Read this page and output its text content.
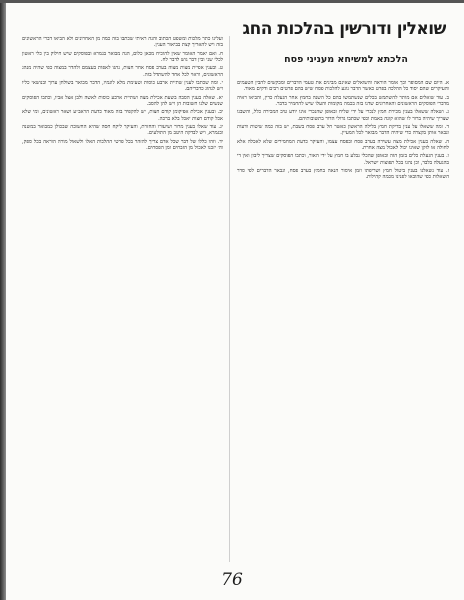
שואלין ודורשין בהלכות החג
הלכתא למשיחא מעניני פסח

א. היום שם המסופר וכך אומר הוראה והשואלים שאינם מבינים את טעמי הדברים ומבקשים להבין הטעמים והעיקרים שהם יסוד כל ההלכה בפרט כאשר הדבר נוגע להלכות פסח שיש בהם פרטים רבים ודקים מאוד.

ב. עוד שואלים אם מותר להשתמש בכלים שנשתמשו בהם כל השנה בחמץ אחר הגעלה כדין, והביאו ראיה מדברי הפוסקים הראשונים והאחרונים שדנו בזה בכמה מקומות והעלו שיש להחמיר בדבר.

ג. ושאלה ששאלו בענין מכירת חמץ לנכרי על ידי שליח ובאופן שהנכרי אינו יודע טיב המכירה כלל, והשבנו שצריך שיהיה ברור לו שהוא קונה באמת וכפי שכתבו גדולי הדור בתשובותיהם.

ד. ומה ששאלו על ענין בדיקת חמץ בלילה הראשון כאשר חל ערב פסח בשבת, יש בזה כמה שיטות ודעות ונבאר אותן בקצרה כדי שיהיה הדבר מבואר לכל המעיין.

ה. שאלה בענין אכילת מצה עשירה בערב פסח ובפסח עצמו, והעיקר כדעת המחמירים שלא לאכלה אלא לחולה או לזקן שאינו יכול לאכול מצה אחרת.

ו. בענין הגעלת כלים בזמן הזה ובאופן שהכלי נבלע בו חמץ על ידי האור, וכתבו הפוסקים שצריך ליבון ואין די בהגעלה בלבד, וכן נהגו בכל תפוצות ישראל.

ז. עוד נשאלנו בענין ביטול חמץ ושריפתו וזמן איסור הנאה בחמץ בערב פסח, ונבאר הדברים לפי סדר השאלות כפי שהובאו לפנינו מכמה קהילות.

ועלינו כתר מלכות ומשפט הכתוב והנה ראיתי שכתבו בזה כמה מן האחרונים ולא הביאו דברי הראשונים בזה ויש להאריך קצת בביאור הענין.

ח. ואם יאמר האומר שאין להוכיח מכאן כלום, הנה מבואר בגמרא ובפוסקים שיש חילוק בין כלי ראשון לכלי שני ובין דבר גוש לדבר לח.

ט. ובענין אפיית מצות מצוה בערב פסח אחר חצות, נהגו לאפות בעצמם ולהדר במצוה כפי שהיה מנהג הראשונים, וראוי לכל אחד להשתדל בזה.

י. ומה שכתבו לענין שתיית ארבע כוסות וטעימת מלא לוגמיו, הדבר מבואר בשולחן ערוך ובנושאי כליו ויש לנהוג כדבריהם.

יא. שאלה בענין הסבה בשעת אכילת מצה ושתיית ארבע כוסות לאשה ולבן אצל אביו, וכתבו הפוסקים שנשים שלנו חשובות הן ויש להן להסב.

יב. ובענין אכילת אפיקומן קודם חצות, יש להקפיד בזה מאוד כדעת הראב״ע ושאר ראשונים, ומי שלא אכל קודם חצות יאכל בלא ברכה.

יג. עוד שאלו בענין מרור ושיעורו והחזרת, והעיקר ליקח חסה שהיא החשובה שבכולן כמבואר במשנה ובגמרא, ויש לבדקה היטב מן התולעים.

יד. וזהו כללו של דבר שכל אדם צריך להזהר בכל פרטי ההלכות האלו ולשאול מורה הוראה בכל ספק, וה׳ יזכנו לאכול מן הזבחים ומן הפסחים.

76
